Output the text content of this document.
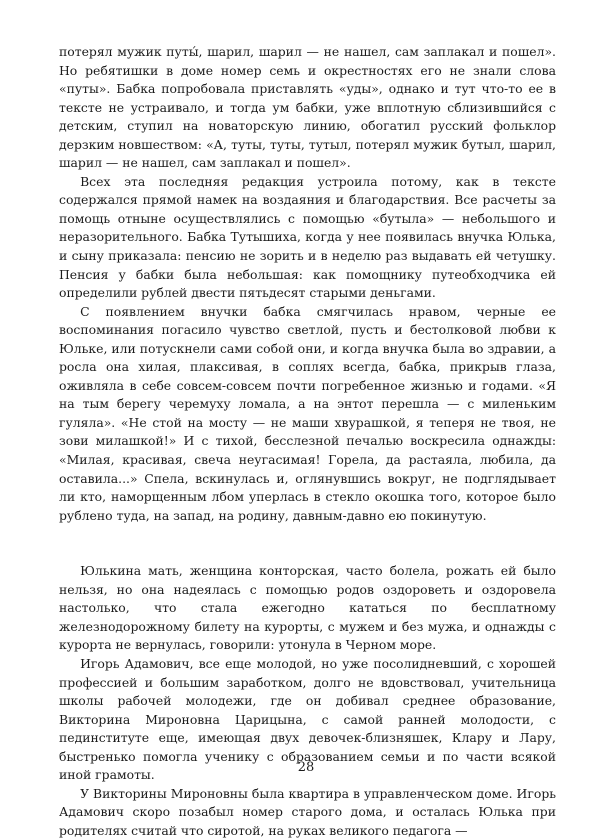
потерял мужик путы́, шарил, шарил — не нашел, сам заплакал и пошел». Но ребятишки в доме номер семь и окрестностях его не знали слова «путы». Бабка попробовала приставлять «уды», однако и тут что-то ее в тексте не устраивало, и тогда ум бабки, уже вплотную сблизившийся с детским, ступил на новаторскую линию, обогатил русский фольклор дерзким новшеством: «А, туты, туты, тутыл, потерял мужик бутыл, шарил, шарил — не нашел, сам заплакал и пошел».

Всех эта последняя редакция устроила потому, как в тексте содержался прямой намек на воздаяния и благодарствия. Все расчеты за помощь отныне осуществлялись с помощью «бутыла» — небольшого и неразорительного. Бабка Тутышиха, когда у нее появилась внучка Юлька, и сыну приказала: пенсию не зорить и в неделю раз выдавать ей четушку. Пенсия у бабки была небольшая: как помощнику путеобходчика ей определили рублей двести пятьдесят старыми деньгами.

С появлением внучки бабка смягчилась нравом, черные ее воспоминания погасило чувство светлой, пусть и бестолковой любви к Юльке, или потускнели сами собой они, и когда внучка была во здравии, а росла она хилая, плаксивая, в соплях всегда, бабка, прикрыв глаза, оживляла в себе совсем-совсем почти погребенное жизнью и годами. «Я на тым берегу черемуху ломала, а на энтот перешла — с миленьким гуляла». «Не стой на мосту — не маши хвурашкой, я теперя не твоя, не зови милашкой!» И с тихой, бесслезной печалью воскресила однажды: «Милая, красивая, свеча неугасимая! Горела, да растаяла, любила, да оставила...» Спела, вскинулась и, оглянувшись вокруг, не подглядывает ли кто, наморщенным лбом уперлась в стекло окошка того, которое было рублено туда, на запад, на родину, давным-давно ею покинутую.

Юлькина мать, женщина конторская, часто болела, рожать ей было нельзя, но она надеялась с помощью родов оздороветь и оздоровела настолько, что стала ежегодно кататься по бесплатному железнодорожному билету на курорты, с мужем и без мужа, и однажды с курорта не вернулась, говорили: утонула в Черном море.

Игорь Адамович, все еще молодой, но уже посолидневший, с хорошей профессией и большим заработком, долго не вдовствовал, учительница школы рабочей молодежи, где он добивал среднее образование, Викторина Мироновна Царицына, с самой ранней молодости, с пединституте еще, имеющая двух девочек-близняшек, Клару и Лару, быстренько помогла ученику с образованием семьи и по части всякой иной грамоты.

У Викторины Мироновны была квартира в управленческом доме. Игорь Адамович скоро позабыл номер старого дома, и осталась Юлька при родителях считай что сиротой, на руках великого педагога —

28
